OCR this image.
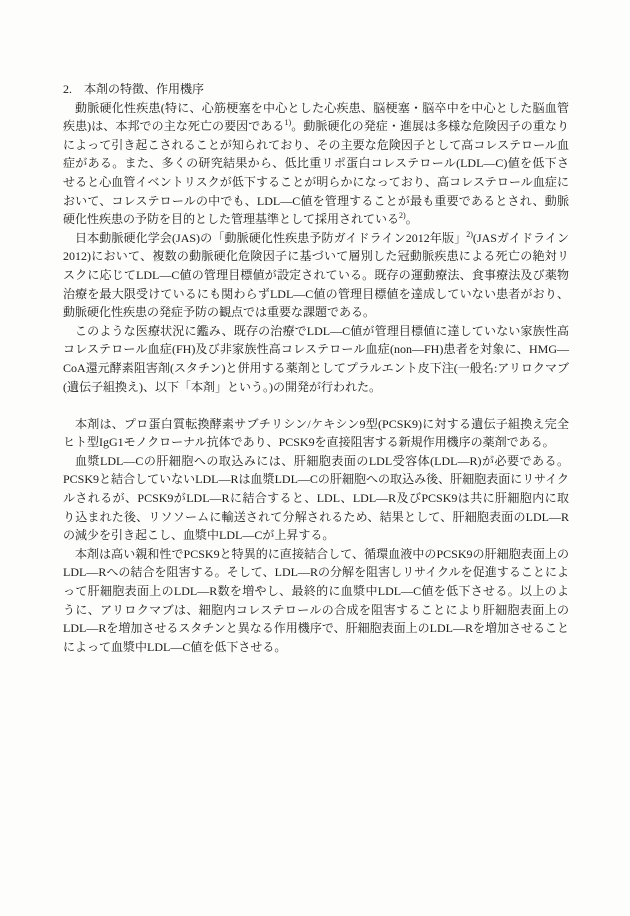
2.　本剤の特徴、作用機序

動脈硬化性疾患(特に、心筋梗塞を中心とした心疾患、脳梗塞・脳卒中を中心とした脳血管疾患)は、本邦での主な死亡の要因である$^{1)}$。動脈硬化の発症・進展は多様な危険因子の重なりによって引き起こされることが知られており、その主要な危険因子として高コレステロール血症がある。また、多くの研究結果から、低比重リポ蛋白コレステロール(LDL—C)値を低下させると心血管イベントリスクが低下することが明らかになっており、高コレステロール血症において、コレステロールの中でも、LDL—C値を管理することが最も重要であるとされ、動脈硬化性疾患の予防を目的とした管理基準として採用されている$^{2)}$。

日本動脈硬化学会(JAS)の「動脈硬化性疾患予防ガイドライン2012年版」$^{2)}$(JASガイドライン2012)において、複数の動脈硬化危険因子に基づいて層別した冠動脈疾患による死亡の絶対リスクに応じてLDL—C値の管理目標値が設定されている。既存の運動療法、食事療法及び薬物治療を最大限受けているにも関わらずLDL—C値の管理目標値を達成していない患者がおり、動脈硬化性疾患の発症予防の観点では重要な課題である。

このような医療状況に鑑み、既存の治療でLDL—C値が管理目標値に達していない家族性高コレステロール血症(FH)及び非家族性高コレステロール血症(non—FH)患者を対象に、HMG—CoA還元酵素阻害剤(スタチン)と併用する薬剤としてプラルエント皮下注(一般名:アリロクマブ(遺伝子組換え)、以下「本剤」という。)の開発が行われた。

本剤は、プロ蛋白質転換酵素サブチリシン/ケキシン9型(PCSK9)に対する遺伝子組換え完全ヒト型IgG1モノクローナル抗体であり、PCSK9を直接阻害する新規作用機序の薬剤である。

血漿LDL—Cの肝細胞への取込みには、肝細胞表面のLDL受容体(LDL—R)が必要である。PCSK9と結合していないLDL—Rは血漿LDL—Cの肝細胞への取込み後、肝細胞表面にリサイクルされるが、PCSK9がLDL—Rに結合すると、LDL、LDL—R及びPCSK9は共に肝細胞内に取り込まれた後、リソソームに輸送されて分解されるため、結果として、肝細胞表面のLDL—Rの減少を引き起こし、血漿中LDL—Cが上昇する。

本剤は高い親和性でPCSK9と特異的に直接結合して、循環血液中のPCSK9の肝細胞表面上のLDL—Rへの結合を阻害する。そして、LDL—Rの分解を阻害しリサイクルを促進することによって肝細胞表面上のLDL—R数を増やし、最終的に血漿中LDL—C値を低下させる。以上のように、アリロクマブは、細胞内コレステロールの合成を阻害することにより肝細胞表面上のLDL—Rを増加させるスタチンと異なる作用機序で、肝細胞表面上のLDL—Rを増加させることによって血漿中LDL—C値を低下させる。
